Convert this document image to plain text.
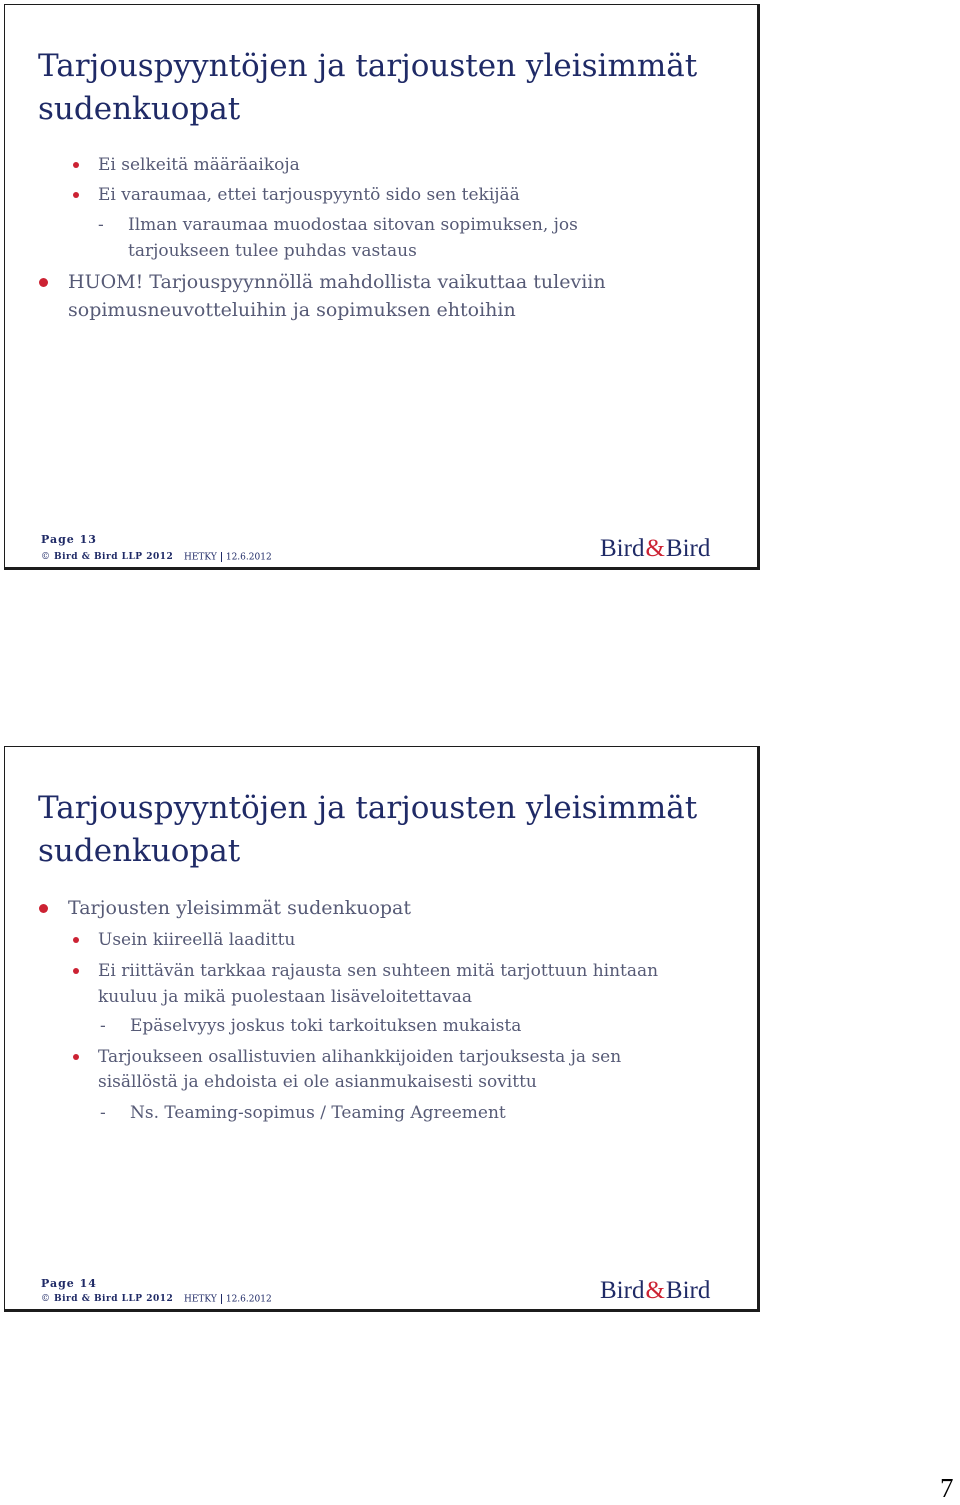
Tarjouspyyntöjen ja tarjousten yleisimmät
sudenkuopat
Ei selkeitä määräaikoja
Ei varaumaa, ettei tarjouspyyntö sido sen tekijää
- Ilman varaumaa muodostaa sitovan sopimuksen, jos
tarjoukseen tulee puhdas vastaus
HUOM! Tarjouspyynnöllä mahdollista vaikuttaa tuleviin
sopimusneuvotteluihin ja sopimuksen ehtoihin
Page 13
© Bird & Bird LLP 2012 HETKY 12.6.2012	Bird&Bird
Tarjouspyyntöjen ja tarjousten yleisimmät
sudenkuopat
Tarjousten yleisimmät sudenkuopat
Usein kiireellä laadittu
Ei riittävän tarkkaa rajausta sen suhteen mitä tarjottuun hintaan
kuuluu ja mikä puolestaan lisäveloitettavaa
- Epäselvyys joskus toki tarkoituksen mukaista
Tarjoukseen osallistuvien alihankkijoiden tarjouksesta ja sen
sisällöstä ja ehdoista ei ole asianmukaisesti sovittu
- Ns. Teaming-sopimus / Teaming Agreement
Page 14
© Bird & Bird LLP 2012 HETKY 12.6.2012	Bird&Bird
7
